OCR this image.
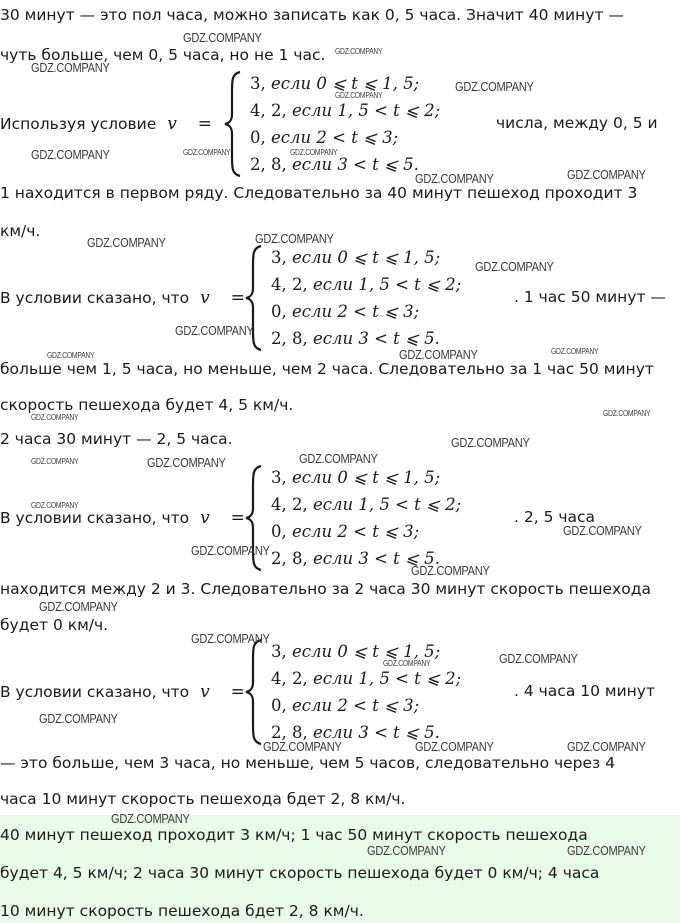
30 минут — это пол часа, можно записать как 0, 5 часа. Значит 40 минут —
чуть больше, чем 0, 5 часа, но не 1 час.
Используя условие v =
3, если 0 ⩽ t ⩽ 1, 5;
4, 2, если 1, 5 < t ⩽ 2;
0, если 2 < t ⩽ 3;
2, 8, если 3 < t ⩽ 5.
числа, между 0, 5 и
1 находится в первом ряду. Следовательно за 40 минут пешеход проходит 3
км/ч.
В условии сказано, что v =
3, если 0 ⩽ t ⩽ 1, 5;
4, 2, если 1, 5 < t ⩽ 2;
0, если 2 < t ⩽ 3;
2, 8, если 3 < t ⩽ 5.
. 1 час 50 минут —
больше чем 1, 5 часа, но меньше, чем 2 часа. Следовательно за 1 час 50 минут
скорость пешехода будет 4, 5 км/ч.
2 часа 30 минут — 2, 5 часа.
В условии сказано, что v =
3, если 0 ⩽ t ⩽ 1, 5;
4, 2, если 1, 5 < t ⩽ 2;
0, если 2 < t ⩽ 3;
2, 8, если 3 < t ⩽ 5.
. 2, 5 часа
находится между 2 и 3. Следовательно за 2 часа 30 минут скорость пешехода
будет 0 км/ч.
В условии сказано, что v =
3, если 0 ⩽ t ⩽ 1, 5;
4, 2, если 1, 5 < t ⩽ 2;
0, если 2 < t ⩽ 3;
2, 8, если 3 < t ⩽ 5.
. 4 часа 10 минут
— это больше, чем 3 часа, но меньше, чем 5 часов, следовательно через 4
часа 10 минут скорость пешехода бдет 2, 8 км/ч.
40 минут пешеход проходит 3 км/ч; 1 час 50 минут скорость пешехода
будет 4, 5 км/ч; 2 часа 30 минут скорость пешехода будет 0 км/ч; 4 часа
10 минут скорость пешехода бдет 2, 8 км/ч.
GDZ.COMPANY
GDZ.COMPANY
GDZ.COMPANY
GDZ.COMPANY
GDZ.COMPANY
GDZ.COMPANY	GDZ.COMPANY	GDZ.COMPANY
GDZ.COMPANY	GDZ.COMPANY
GDZ.COMPANY	GDZ.COMPANY
GDZ.COMPANY
GDZ.COMPANY
GDZ.COMPANY	GDZ.COMPANY	GDZ.COMPANY
GDZ.COMPANY	GDZ.COMPANY
GDZ.COMPANY
GDZ.COMPANY	GDZ.COMPANY	GDZ.COMPANY
GDZ.COMPANY
GDZ.COMPANY
GDZ.COMPANY
GDZ.COMPANY
GDZ.COMPANY
GDZ.COMPANY
GDZ.COMPANY
GDZ.COMPANY
GDZ.COMPANY
GDZ.COMPANY	GDZ.COMPANY	GDZ.COMPANY
GDZ.COMPANY
GDZ.COMPANY	GDZ.COMPANY
